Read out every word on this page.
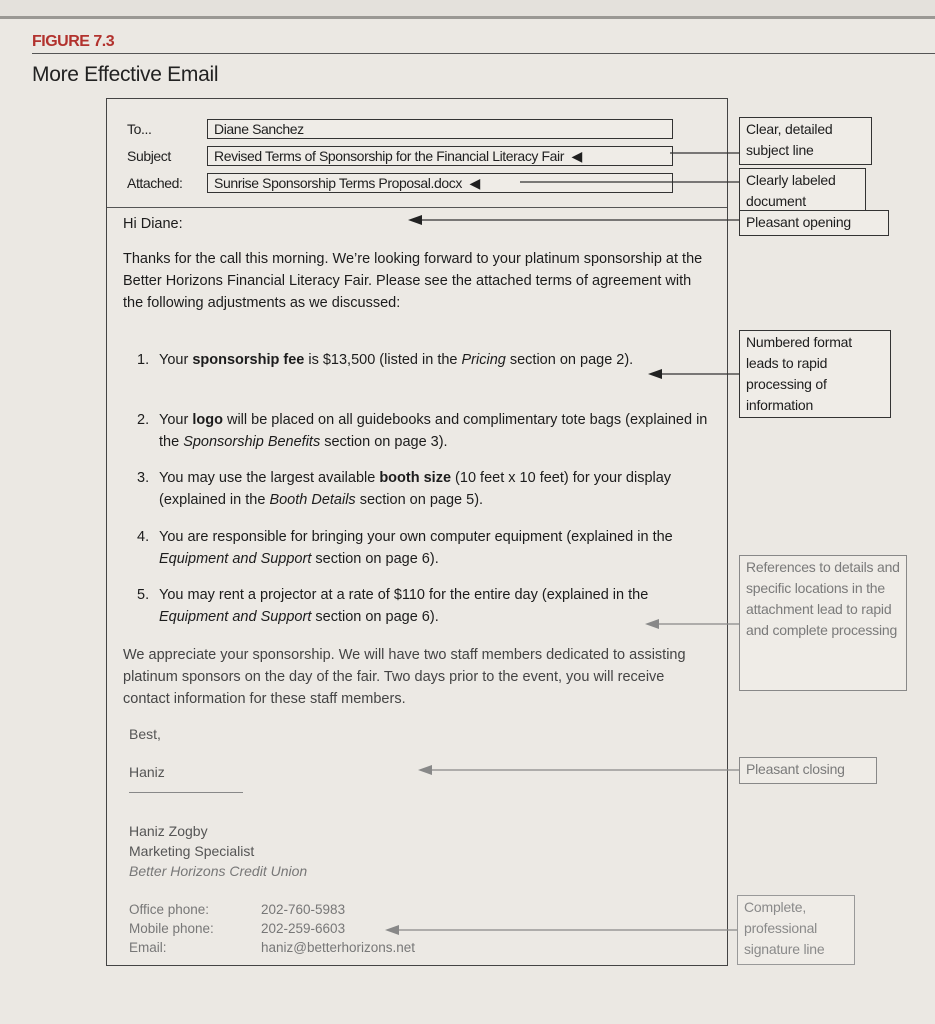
FIGURE 7.3
More Effective Email
To...	Diane Sanchez
Subject	Revised Terms of Sponsorship for the Financial Literacy Fair ◀
Attached:	Sunrise Sponsorship Terms Proposal.docx ◀
Hi Diane:
Thanks for the call this morning. We’re looking forward to your platinum sponsorship at the Better Horizons Financial Literacy Fair. Please see the attached terms of agreement with the following adjustments as we discussed:
1. Your sponsorship fee is $13,500 (listed in the Pricing section on page 2).
2. Your logo will be placed on all guidebooks and complimentary tote bags (explained in the Sponsorship Benefits section on page 3).
3. You may use the largest available booth size (10 feet x 10 feet) for your display (explained in the Booth Details section on page 5).
4. You are responsible for bringing your own computer equipment (explained in the Equipment and Support section on page 6).
5. You may rent a projector at a rate of $110 for the entire day (explained in the Equipment and Support section on page 6).
We appreciate your sponsorship. We will have two staff members dedicated to assisting platinum sponsors on the day of the fair. Two days prior to the event, you will receive contact information for these staff members.
Best,
Haniz
Haniz Zogby
Marketing Specialist
Better Horizons Credit Union
Office phone:	202-760-5983
Mobile phone:	202-259-6603
Email:	haniz@betterhorizons.net
Clear, detailed subject line
Clearly labeled document
Pleasant opening
Numbered format leads to rapid processing of information
References to details and specific locations in the attachment lead to rapid and complete processing
Pleasant closing
Complete, professional signature line
